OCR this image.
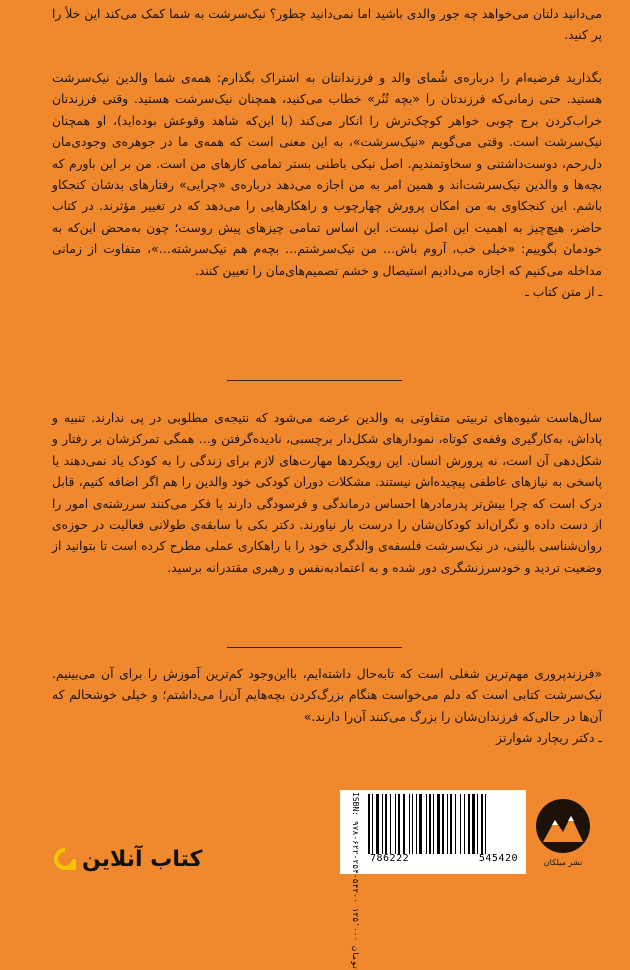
می‌دانید دلتان می‌خواهد چه جور والدی باشید اما نمی‌دانید چطور؟ نیک‌سرشت به شما کمک می‌کند این خلأ را پر کنید.

بگذارید فرضیه‌ام را درباره‌ی شُمای والد و فرزندانتان به اشتراک بگذارم: همه‌ی شما والدین نیک‌سرشت هستید. حتی زمانی‌که فرزندتان را «بچه‌ تُنُر» خطاب می‌کنید، همچنان نیک‌سرشت هستید. وقتی فرزندتان خراب‌کردن برج چوبی خواهر کوچک‌ترش را انکار می‌کند (با این‌که شاهد وقوعش بوده‌اید)، او همچنان نیک‌سرشت است. وقتی می‌گویم «نیک‌سرشت»، به این معنی است که همه‌ی ما در جوهره‌ی وجودی‌مان دل‌رحم، دوست‌داشتنی و سخاوتمندیم. اصل نیکی باطنی بستر تمامی کارهای من است. من بر این باورم که بچه‌ها و والدین نیک‌سرشت‌اند و همین امر به من اجازه می‌دهد درباره‌ی «چرایی» رفتارهای بدشان کنجکاو باشم. این کنجکاوی به من امکان پرورش چهارچوب و راهکارهایی را می‌دهد که در تغییر مؤثرند. در کتاب حاضر، هیچ‌چیز به اهمیت این اصل نیست. این اساس تمامی چیزهای پیش روست؛ چون به‌محض این‌که به خودمان بگوییم: «خیلی خب، آروم باش… من نیک‌سرشتم… بچه‌م هم نیک‌سرشته…»، متفاوت از زمانی مداخله می‌کنیم که اجازه می‌دادیم استیصال و خشم تصمیم‌های‌مان را تعیین کنند.

ـ از متن کتاب ـ

سال‌هاست شیوه‌های تربیتی متفاوتی به والدین عرضه می‌شود که نتیجه‌ی مطلوبی در پی ندارند. تنبیه و پاداش، به‌کارگیری وقفه‌ی کوتاه، نمودارهای شکل‌دار برچسبی، نادیده‌گرفتن و… همگی تمرکزشان بر رفتار و شکل‌دهی آن است، نه پرورش انسان. این رویکردها مهارت‌های لازم برای زندگی را به کودک یاد نمی‌دهند یا پاسخی به نیازهای عاطفی پیچیده‌اش نیستند. مشکلات دوران کودکی خود والدین را هم اگر اضافه کنیم، قابل درک است که چرا بیش‌تر پدرمادرها احساس درماندگی و فرسودگی دارند یا فکر می‌کنند سررشته‌ی امور را از دست داده و نگران‌اند کودکان‌شان را درست بار نیاورند. دکتر بکی با سابقه‌ی طولانی فعالیت در حوزه‌ی روان‌شناسی بالینی، در نیک‌سرشت فلسفه‌ی والدگری خود را با راهکاری عملی مطرح کرده است تا بتوانید از وضعیت تردید و خودسرزنشگری دور شده و به اعتمادبه‌نفس و رهبری مقتدرانه برسید.

«فرزندپروری مهم‌ترین شغلی است که تابه‌حال داشته‌ایم، باا‌ین‌وجود کم‌ترین آموزش را برای آن می‌بینیم. نیک‌سرشت کتابی است که دلم می‌خواست هنگام بزرگ‌کردن بچه‌هایم آن‌را می‌داشتم؛ و خیلی خوشحالم که آن‌ها در حالی‌که فرزندان‌شان را بزرگ می‌کنند آن‌را دارند.»

ـ دکتر ریچارد شوارتز
ISBN: ۹۷۸-۶۲۲-۲۵۴-۵۴۲-۰ ۱۲۵٬۰۰۰ تومان
786222	545420	نشر میلکان
کتاب آنلاین
